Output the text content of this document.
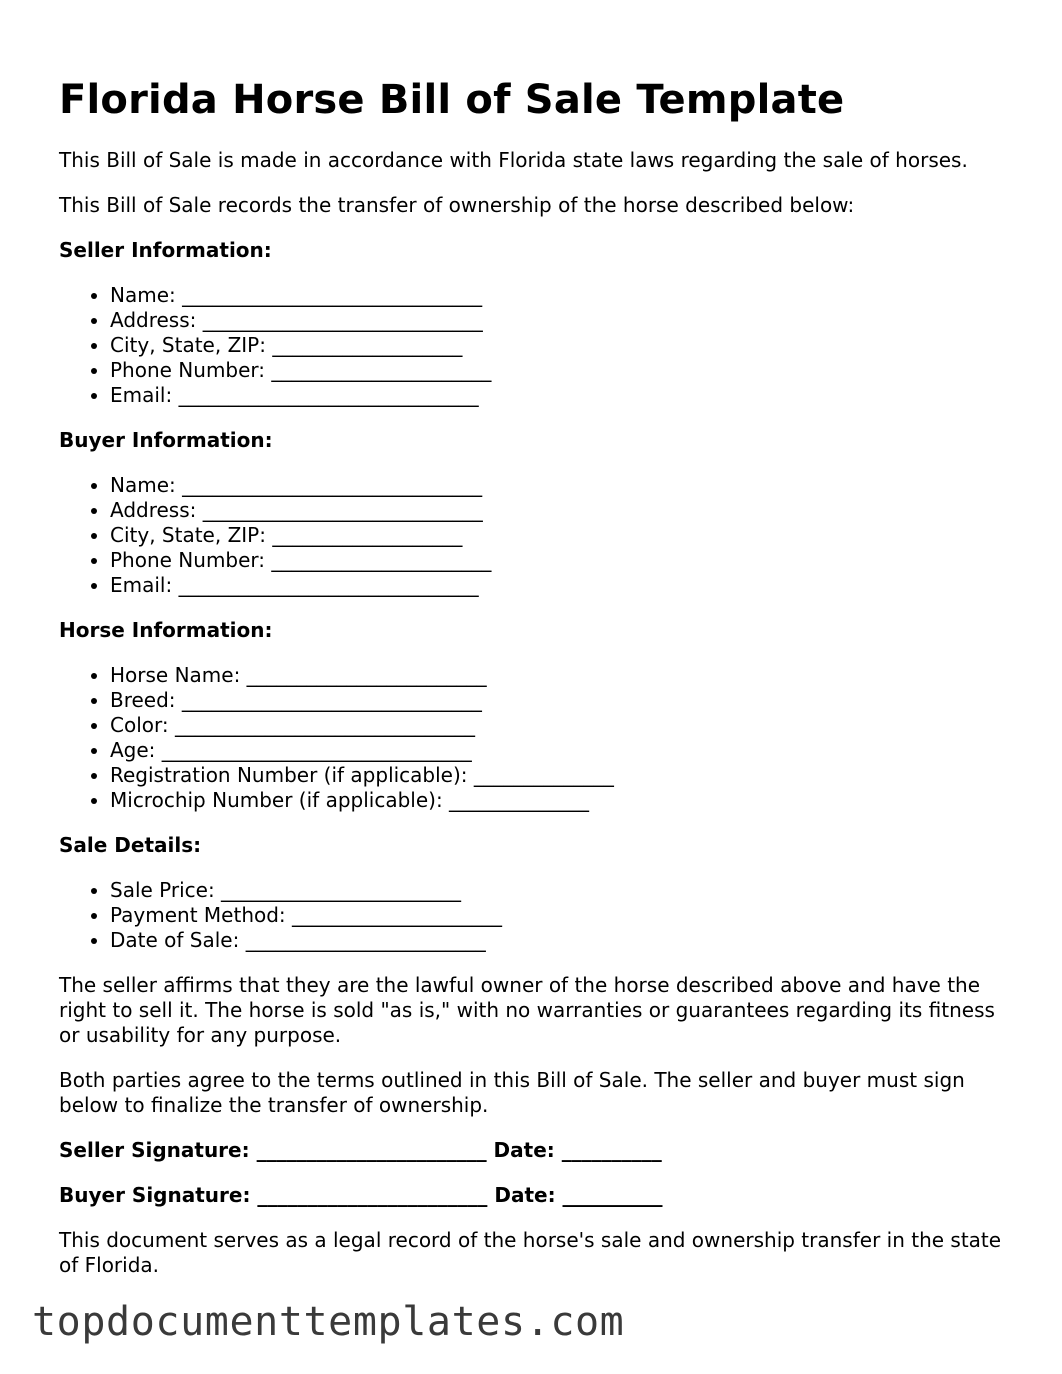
Florida Horse Bill of Sale Template

This Bill of Sale is made in accordance with Florida state laws regarding the sale of horses.

This Bill of Sale records the transfer of ownership of the horse described below:

Seller Information:
• Name: ______________________________
• Address: ____________________________
• City, State, ZIP: ___________________
• Phone Number: ______________________
• Email: ______________________________
Buyer Information:
• Name: ______________________________
• Address: ____________________________
• City, State, ZIP: ___________________
• Phone Number: ______________________
• Email: ______________________________
Horse Information:
• Horse Name: ________________________
• Breed: ______________________________
• Color: ______________________________
• Age: _______________________________
• Registration Number (if applicable): ______________
• Microchip Number (if applicable): ______________
Sale Details:
• Sale Price: ________________________
• Payment Method: _____________________
• Date of Sale: ________________________

The seller affirms that they are the lawful owner of the horse described above and have the right to sell it. The horse is sold "as is," with no warranties or guarantees regarding its fitness or usability for any purpose.

Both parties agree to the terms outlined in this Bill of Sale. The seller and buyer must sign below to finalize the transfer of ownership.

Seller Signature: _______________________ Date: __________
Buyer Signature: _______________________ Date: __________

This document serves as a legal record of the horse's sale and ownership transfer in the state of Florida.

topdocumenttemplates.com
